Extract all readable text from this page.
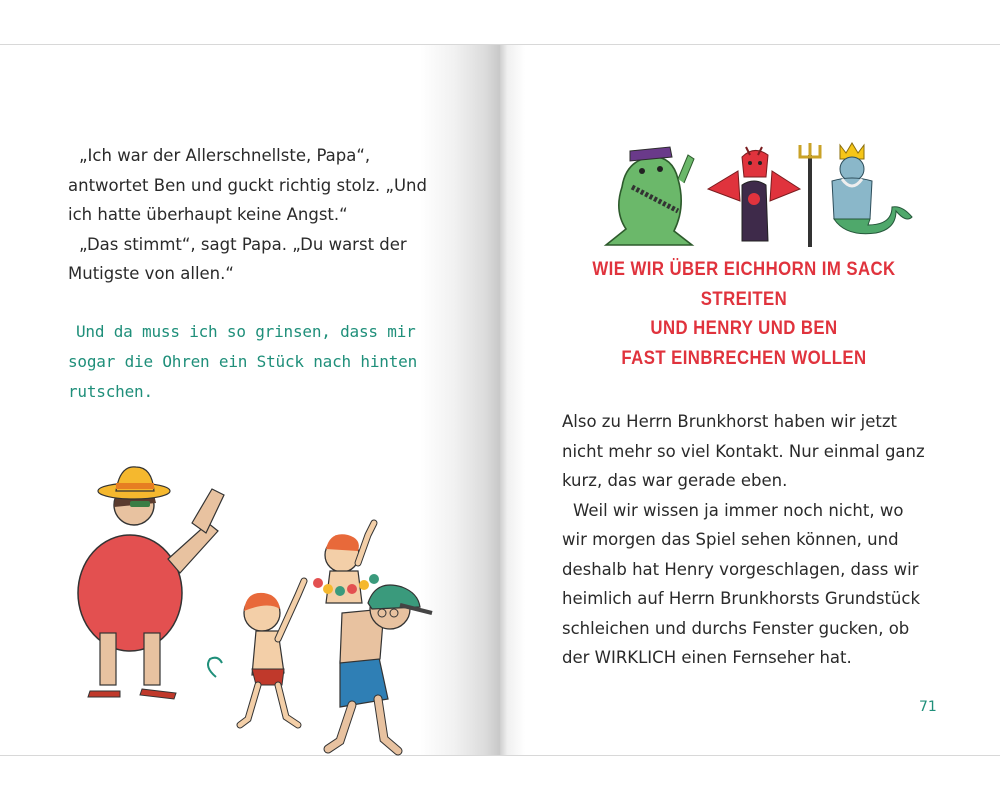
„Ich war der Allerschnellste, Papa“,

antwortet Ben und guckt richtig stolz. „Und

ich hatte überhaupt keine Angst.“

„Das stimmt“, sagt Papa. „Du warst der

Mutigste von allen.“

Und da muss ich so grinsen, dass mir
sogar die Ohren ein Stück nach hinten
rutschen.
WIE WIR ÜBER EICHHORN IM SACK STREITEN
UND HENRY UND BEN
FAST EINBRECHEN WOLLEN

Also zu Herrn Brunkhorst haben wir jetzt

nicht mehr so viel Kontakt. Nur einmal ganz

kurz, das war gerade eben.

Weil wir wissen ja immer noch nicht, wo

wir morgen das Spiel sehen können, und

deshalb hat Henry vorgeschlagen, dass wir

heimlich auf Herrn Brunkhorsts Grundstück

schleichen und durchs Fenster gucken, ob

der WIRKLICH einen Fernseher hat.

71
